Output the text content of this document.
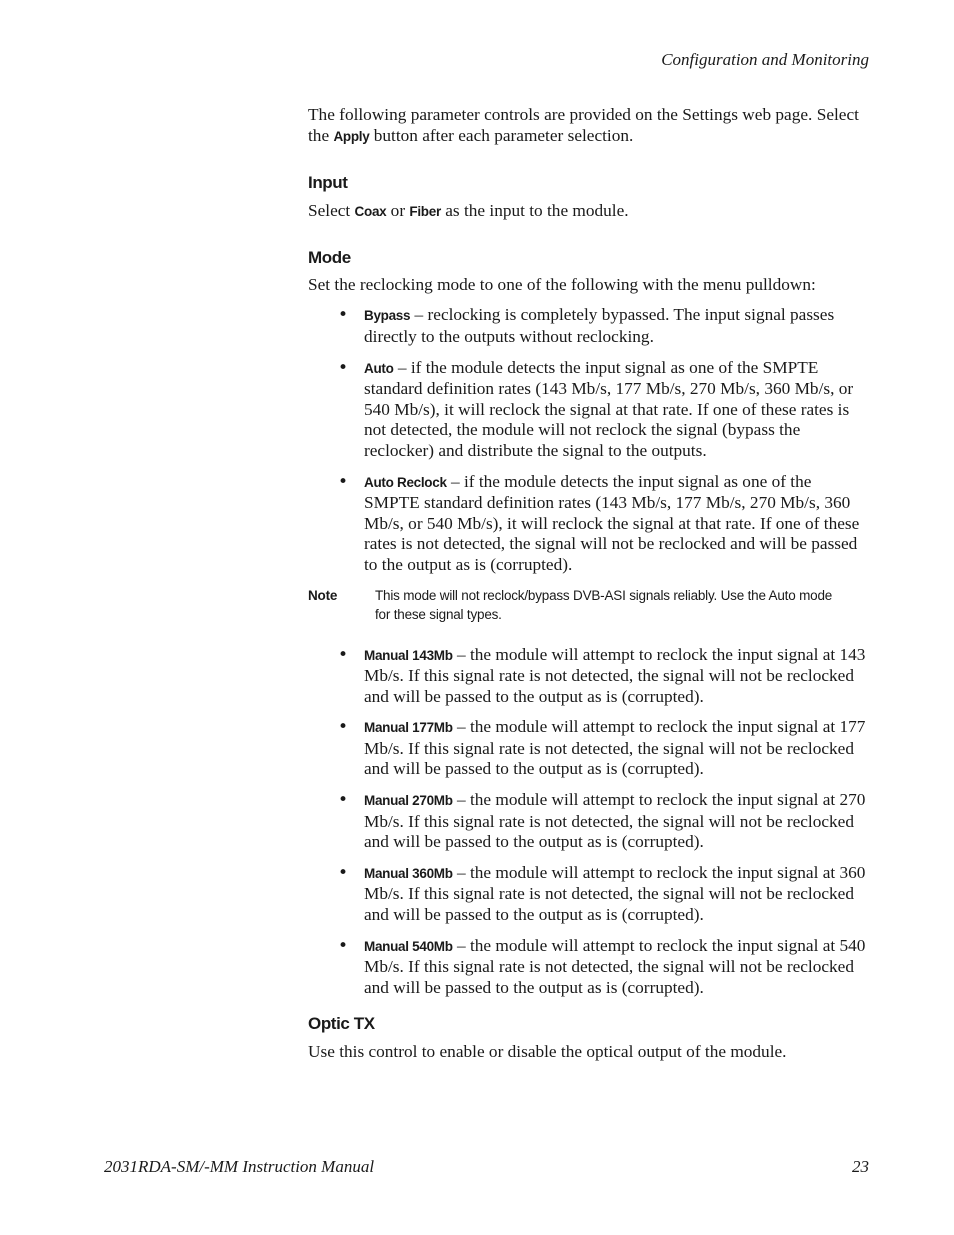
Configuration and Monitoring

The following parameter controls are provided on the Settings web page. Select the Apply button after each parameter selection.

Input

Select Coax or Fiber as the input to the module.

Mode

Set the reclocking mode to one of the following with the menu pulldown:

• Bypass – reclocking is completely bypassed. The input signal passes directly to the outputs without reclocking.

• Auto – if the module detects the input signal as one of the SMPTE standard definition rates (143 Mb/s, 177 Mb/s, 270 Mb/s, 360 Mb/s, or 540 Mb/s), it will reclock the signal at that rate. If one of these rates is not detected, the module will not reclock the signal (bypass the reclocker) and distribute the signal to the outputs.

• Auto Reclock – if the module detects the input signal as one of the SMPTE standard definition rates (143 Mb/s, 177 Mb/s, 270 Mb/s, 360 Mb/s, or 540 Mb/s), it will reclock the signal at that rate. If one of these rates is not detected, the signal will not be reclocked and will be passed to the output as is (corrupted).

Note	This mode will not reclock/bypass DVB-ASI signals reliably. Use the Auto mode for these signal types.
• Manual 143Mb – the module will attempt to reclock the input signal at 143 Mb/s. If this signal rate is not detected, the signal will not be reclocked and will be passed to the output as is (corrupted).

• Manual 177Mb – the module will attempt to reclock the input signal at 177 Mb/s. If this signal rate is not detected, the signal will not be reclocked and will be passed to the output as is (corrupted).

• Manual 270Mb – the module will attempt to reclock the input signal at 270 Mb/s. If this signal rate is not detected, the signal will not be reclocked and will be passed to the output as is (corrupted).

• Manual 360Mb – the module will attempt to reclock the input signal at 360 Mb/s. If this signal rate is not detected, the signal will not be reclocked and will be passed to the output as is (corrupted).

• Manual 540Mb – the module will attempt to reclock the input signal at 540 Mb/s. If this signal rate is not detected, the signal will not be reclocked and will be passed to the output as is (corrupted).

Optic TX

Use this control to enable or disable the optical output of the module.

2031RDA-SM/-MM Instruction Manual	23
